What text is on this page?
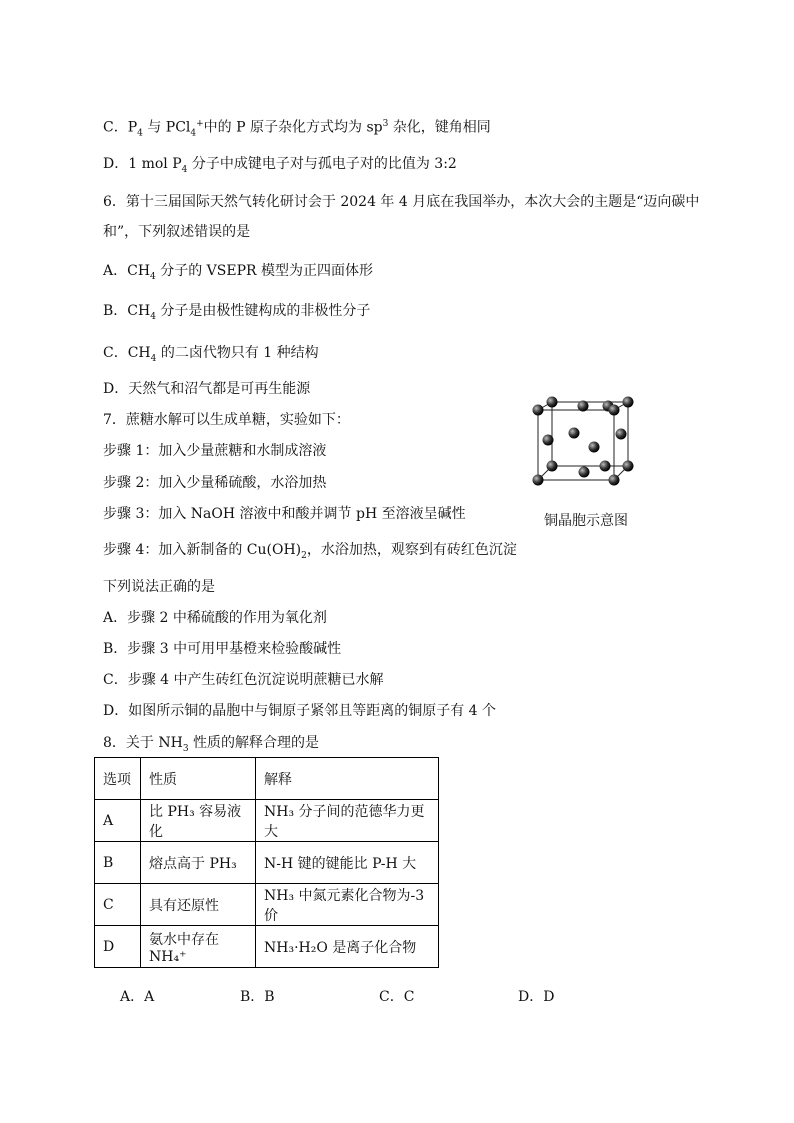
C．$P_4$ 与 PCl$_4$+中的 P 原子杂化方式均为 $sp^3$ 杂化，键角相同
D．1 mol $P_4$ 分子中成键电子对与孤电子对的比值为 3:2
6．第十三届国际天然气转化研讨会于 2024 年 4 月底在我国举办，本次大会的主题是“迈向碳中
和”，下列叙述错误的是
A．$CH_4$ 分子的 VSEPR 模型为正四面体形
B．$CH_4$ 分子是由极性键构成的非极性分子
C．$CH_4$ 的二卤代物只有 1 种结构
D．天然气和沼气都是可再生能源
7．蔗糖水解可以生成单糖，实验如下：
步骤 1：加入少量蔗糖和水制成溶液
步骤 2：加入少量稀硫酸，水浴加热
步骤 3：加入 NaOH 溶液中和酸并调节 pH 至溶液呈碱性
步骤 4：加入新制备的 $Cu(OH)_2$，水浴加热，观察到有砖红色沉淀
下列说法正确的是
A．步骤 2 中稀硫酸的作用为氧化剂
B．步骤 3 中可用甲基橙来检验酸碱性
C．步骤 4 中产生砖红色沉淀说明蔗糖已水解
D．如图所示铜的晶胞中与铜原子紧邻且等距离的铜原子有 4 个
铜晶胞示意图
8．关于 $NH_3$ 性质的解释合理的是
选项	性质	解释
A	比 PH₃ 容易液化	NH₃ 分子间的范德华力更大
B	熔点高于 PH₃	N-H 键的键能比 P-H 大
C	具有还原性	NH₃ 中氮元素化合物为-3 价
D	氨水中存在 NH₄⁺	NH₃·H₂O 是离子化合物
A．A	B．B	C．C	D．D
